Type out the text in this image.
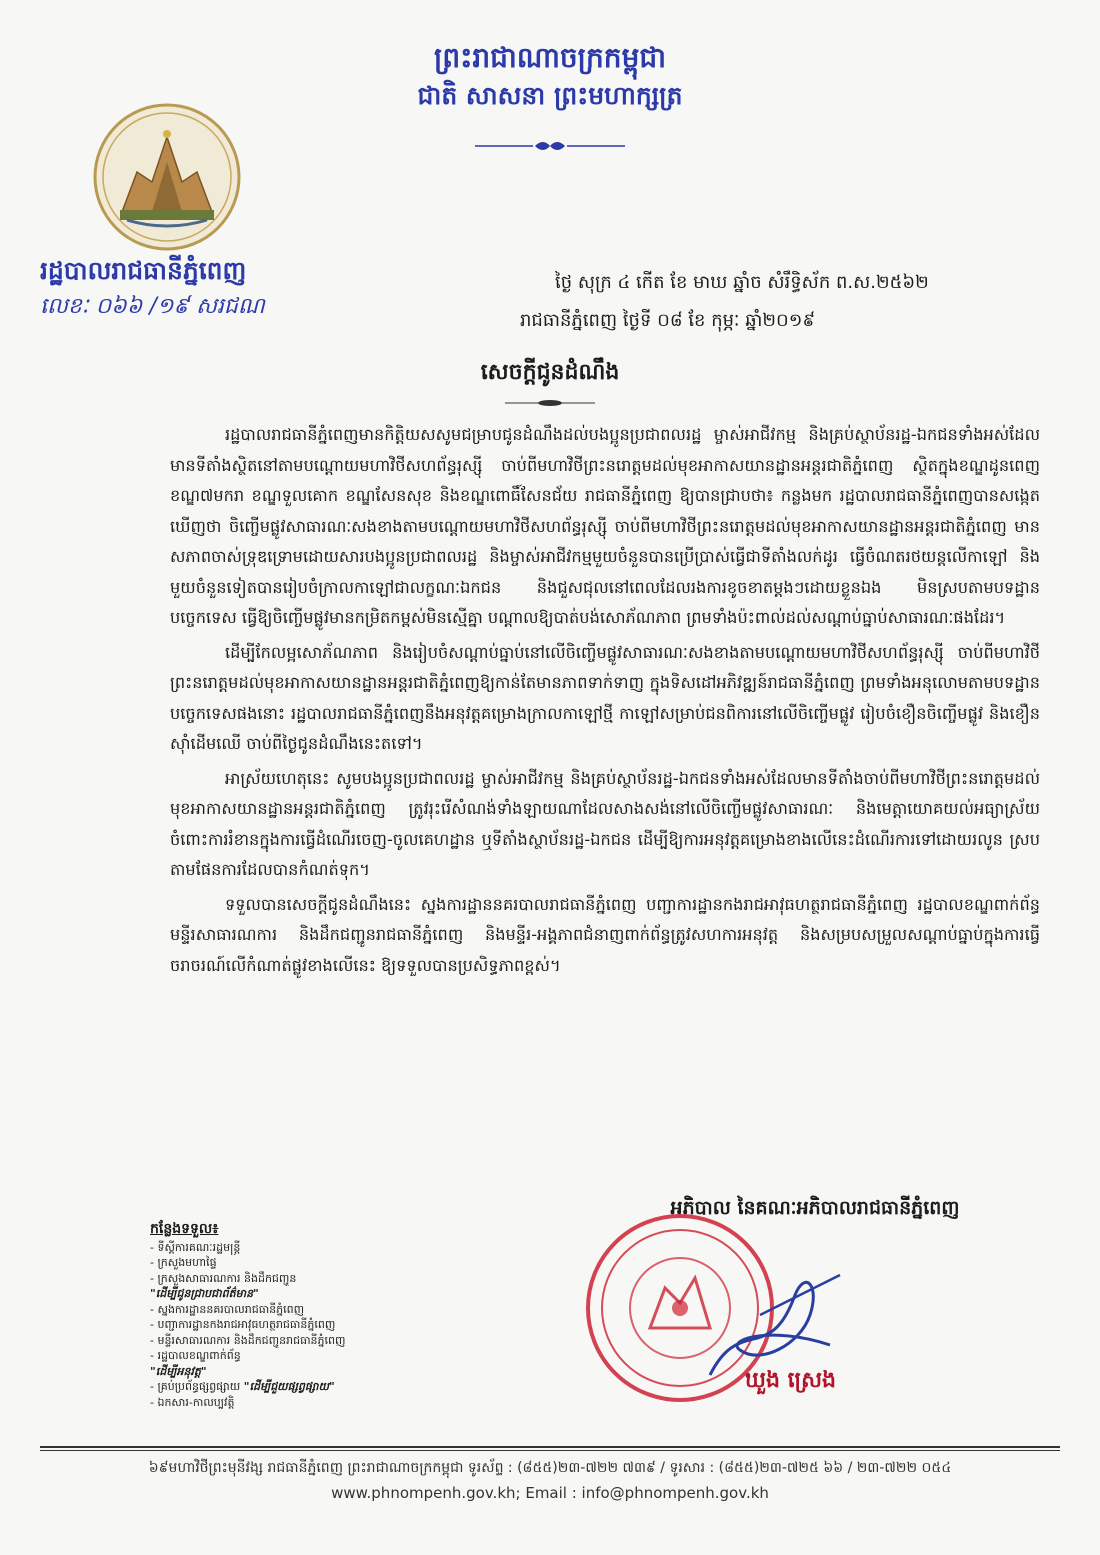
ព្រះរាជាណាចក្រកម្ពុជា
ជាតិ សាសនា ព្រះមហាក្សត្រ
រដ្ឋបាលរាជធានីភ្នំពេញ
លេខៈ ០៦៦ /១៩ សរជណ
ថ្ងៃ សុក្រ ៤ កើត ខែ មាឃ ឆ្នាំច សំរឹទ្ធិស័ក ព.ស.២៥៦២
រាជធានីភ្នំពេញ ថ្ងៃទី ០៨ ខែ កុម្ភៈ ឆ្នាំ២០១៩
សេចក្តីជូនដំណឹង

រដ្ឋបាលរាជធានីភ្នំពេញមានកិត្តិយសសូមជម្រាបជូនដំណឹងដល់បងប្អូនប្រជាពលរដ្ឋ ម្ចាស់អាជីវកម្ម និងគ្រប់ស្ថាប័នរដ្ឋ-ឯកជនទាំងអស់ដែលមានទីតាំងស្ថិតនៅតាមបណ្តោយមហាវិថីសហព័ន្ធរុស្ស៊ី ចាប់ពីមហាវិថីព្រះនរោត្តមដល់មុខអាកាសយានដ្ឋានអន្តរជាតិភ្នំពេញ ស្ថិតក្នុងខណ្ឌដូនពេញ ខណ្ឌ៧មករា ខណ្ឌទួលគោក ខណ្ឌសែនសុខ និងខណ្ឌពោធិ៍សែនជ័យ រាជធានីភ្នំពេញ ឱ្យបានជ្រាបថា៖ កន្លងមក រដ្ឋបាលរាជធានីភ្នំពេញបានសង្កេតឃើញថា ចិញ្ចើមផ្លូវសាធារណៈសងខាងតាមបណ្តោយមហាវិថីសហព័ន្ធរុស្ស៊ី ចាប់ពីមហាវិថីព្រះនរោត្តមដល់មុខអាកាសយានដ្ឋានអន្តរជាតិភ្នំពេញ មានសភាពចាស់ទ្រុឌទ្រោមដោយសារបងប្អូនប្រជាពលរដ្ឋ និងម្ចាស់អាជីវកម្មមួយចំនួនបានប្រើប្រាស់ធ្វើជាទីតាំងលក់ដូរ ធ្វើចំណតរថយន្តលើកាឡៅ និងមួយចំនួនទៀតបានរៀបចំក្រាលកាឡៅជាលក្ខណៈឯកជន និងជួសជុលនៅពេលដែលរងការខូចខាតម្តងៗដោយខ្លួនឯង មិនស្របតាមបទដ្ឋានបច្ចេកទេស ធ្វើឱ្យចិញ្ចើមផ្លូវមានកម្រិតកម្ពស់មិនស្មើគ្នា បណ្តាលឱ្យបាត់បង់សោភ័ណភាព ព្រមទាំងប៉ះពាល់ដល់សណ្តាប់ធ្នាប់សាធារណៈផងដែរ។

ដើម្បីកែលម្អសោភ័ណភាព និងរៀបចំសណ្តាប់ធ្នាប់នៅលើចិញ្ចើមផ្លូវសាធារណៈសងខាងតាមបណ្តោយមហាវិថីសហព័ន្ធរុស្ស៊ី ចាប់ពីមហាវិថីព្រះនរោត្តមដល់មុខអាកាសយានដ្ឋានអន្តរជាតិភ្នំពេញឱ្យកាន់តែមានភាពទាក់ទាញ ក្នុងទិសដៅអភិវឌ្ឍន៍រាជធានីភ្នំពេញ ព្រមទាំងអនុលោមតាមបទដ្ឋានបច្ចេកទេសផងនោះ រដ្ឋបាលរាជធានីភ្នំពេញនឹងអនុវត្តគម្រោងក្រាលកាឡៅថ្មី កាឡៅសម្រាប់ជនពិការនៅលើចិញ្ចើមផ្លូវ រៀបចំខឿនចិញ្ចើមផ្លូវ និងខឿនស៊ាំដើមឈើ ចាប់ពីថ្ងៃជូនដំណឹងនេះតទៅ។

អាស្រ័យហេតុនេះ សូមបងប្អូនប្រជាពលរដ្ឋ ម្ចាស់អាជីវកម្ម និងគ្រប់ស្ថាប័នរដ្ឋ-ឯកជនទាំងអស់ដែលមានទីតាំងចាប់ពីមហាវិថីព្រះនរោត្តមដល់មុខអាកាសយានដ្ឋានអន្តរជាតិភ្នំពេញ ត្រូវរុះរើសំណង់ទាំងឡាយណាដែលសាងសង់នៅលើចិញ្ចើមផ្លូវសាធារណៈ និងមេត្តាយោគយល់អធ្យាស្រ័យចំពោះការរំខានក្នុងការធ្វើដំណើរចេញ-ចូលគេហដ្ឋាន ឬទីតាំងស្ថាប័នរដ្ឋ-ឯកជន ដើម្បីឱ្យការអនុវត្តគម្រោងខាងលើនេះដំណើរការទៅដោយរលូន ស្របតាមផែនការដែលបានកំណត់ទុក។

ទទួលបានសេចក្តីជូនដំណឹងនេះ ស្នងការដ្ឋាននគរបាលរាជធានីភ្នំពេញ បញ្ជាការដ្ឋានកងរាជអាវុធហត្ថរាជធានីភ្នំពេញ រដ្ឋបាលខណ្ឌពាក់ព័ន្ធ មន្ទីរសាធារណការ និងដឹកជញ្ជូនរាជធានីភ្នំពេញ និងមន្ទីរ-អង្គភាពជំនាញពាក់ព័ន្ធត្រូវសហការអនុវត្ត និងសម្របសម្រួលសណ្តាប់ធ្នាប់ក្នុងការធ្វើចរាចរណ៍លើកំណាត់ផ្លូវខាងលើនេះ ឱ្យទទួលបានប្រសិទ្ធភាពខ្ពស់។

អភិបាល នៃគណៈអភិបាលរាជធានីភ្នំពេញ
ឃួង ស្រេង
កន្លែងទទួល៖
- ទីស្តីការគណៈរដ្ឋមន្ត្រី
- ក្រសួងមហាផ្ទៃ
- ក្រសួងសាធារណការ និងដឹកជញ្ជូន
"ដើម្បីជូនជ្រាបជាព័ត៌មាន"
- ស្នងការដ្ឋាននគរបាលរាជធានីភ្នំពេញ
- បញ្ជាការដ្ឋានកងរាជអាវុធហត្ថរាជធានីភ្នំពេញ
- មន្ទីរសាធារណការ និងដឹកជញ្ជូនរាជធានីភ្នំពេញ
- រដ្ឋបាលខណ្ឌពាក់ព័ន្ធ
"ដើម្បីអនុវត្ត"
- គ្រប់ប្រព័ន្ធផ្សព្វផ្សាយ "ដើម្បីជួយផ្សព្វផ្សាយ"
- ឯកសារ-កាលប្បវត្តិ
៦៩មហាវិថីព្រះមុនីវង្ស រាជធានីភ្នំពេញ ព្រះរាជាណាចក្រកម្ពុជា ទូរស័ព្ទ : (៨៥៥)២៣-៧២២ ៧៣៩ / ទូរសារ : (៨៥៥)២៣-៧២៥ ៦៦ / ២៣-៧២២ ០៥៤
www.phnompenh.gov.kh; Email : info@phnompenh.gov.kh
